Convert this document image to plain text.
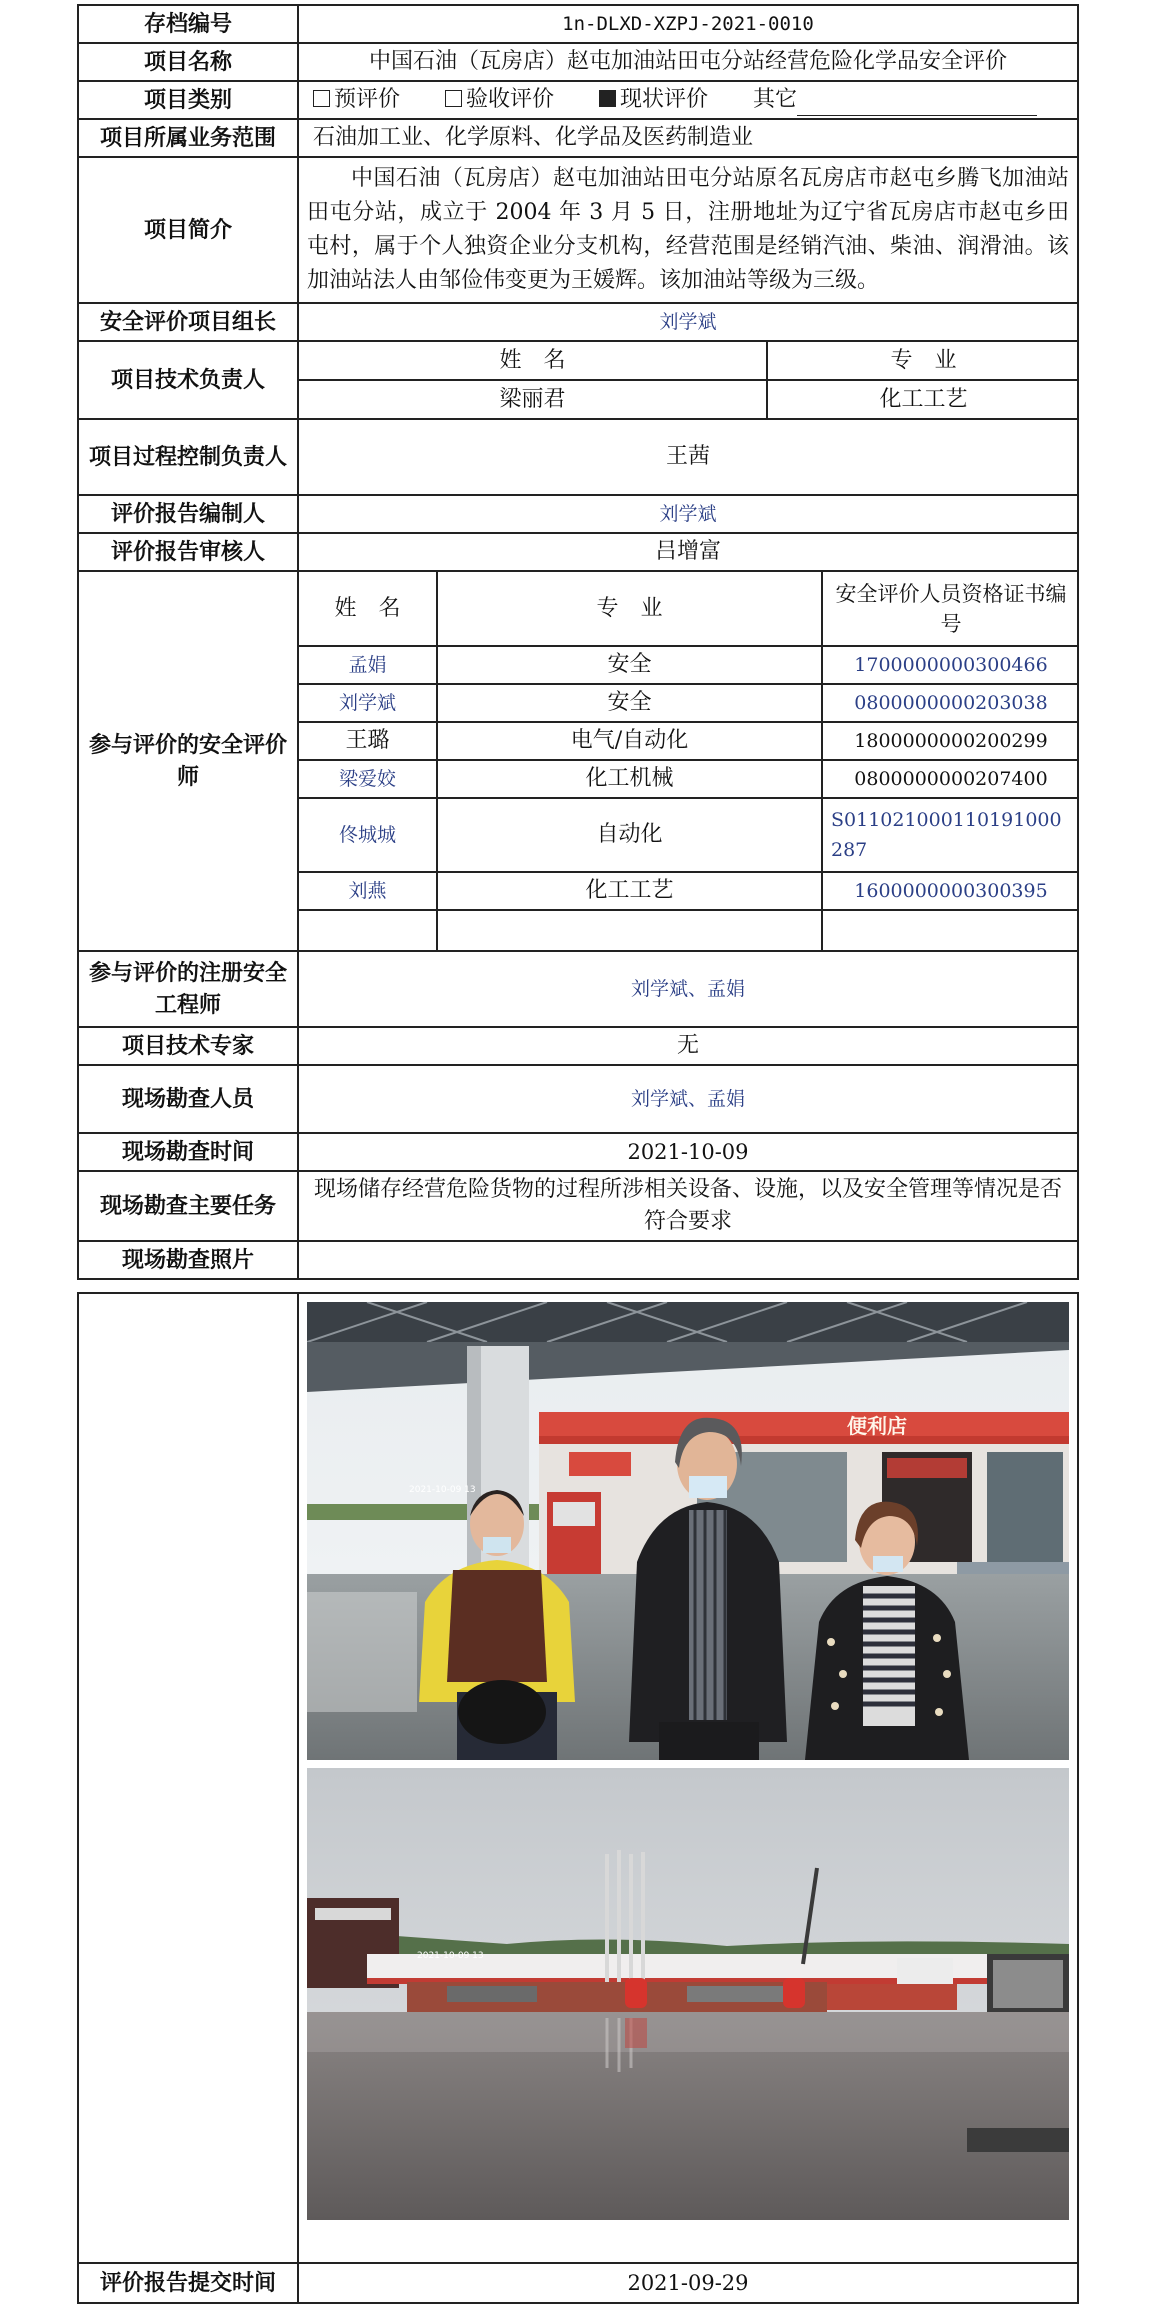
存档编号	1n-DLXD-XZPJ-2021-0010
项目名称	中国石油（瓦房店）赵屯加油站田屯分站经营危险化学品安全评价
项目类别	预评价	验收评价	现状评价 其它
项目所属业务范围	石油加工业、化学原料、化学品及医药制造业
项目简介	中国石油（瓦房店）赵屯加油站田屯分站原名瓦房店市赵屯乡腾飞加油站田屯分站，成立于 2004 年 3 月 5 日，注册地址为辽宁省瓦房店市赵屯乡田屯村，属于个人独资企业分支机构，经营范围是经销汽油、柴油、润滑油。该加油站法人由邹俭伟变更为王媛辉。该加油站等级为三级。
安全评价项目组长	刘学斌
项目技术负责人	
姓　名	专　业
梁丽君	化工工艺

项目过程控制负责人	王茜
评价报告编制人	刘学斌
评价报告审核人	吕增富
参与评价的安全评价师	
姓　名	专　业	安全评价人员资格证书编号
孟娟	安全	1700000000300466
刘学斌	安全	0800000000203038
王璐	电气/自动化	1800000000200299
梁爱姣	化工机械	0800000000207400
佟城城	自动化	S011021000110191000287
刘燕	化工工艺	1600000000300395

参与评价的注册安全工程师	刘学斌、孟娟
项目技术专家	无
现场勘查人员	刘学斌、孟娟
现场勘查时间	2021-10-09
现场勘查主要任务	现场储存经营危险货物的过程所涉相关设备、设施，以及安全管理等情况是否符合要求
现场勘查照片	

便利店
2021-10-09 13
2021-10-09 13

评价报告提交时间	2021-09-29
